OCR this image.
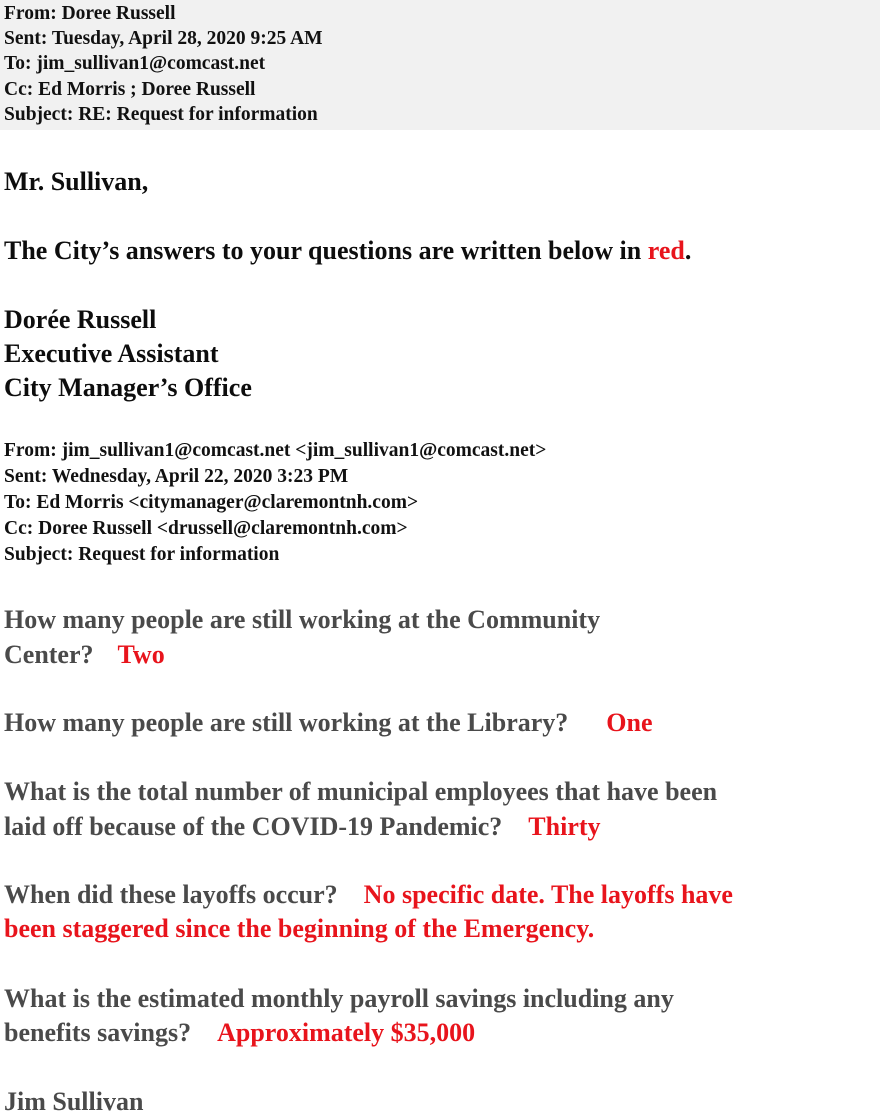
From: Doree Russell
Sent: Tuesday, April 28, 2020 9:25 AM
To: jim_sullivan1@comcast.net
Cc: Ed Morris ; Doree Russell
Subject: RE: Request for information
Mr. Sullivan,
The City’s answers to your questions are written below in red.
Dorée Russell
Executive Assistant
City Manager’s Office
From: jim_sullivan1@comcast.net <jim_sullivan1@comcast.net>
Sent: Wednesday, April 22, 2020 3:23 PM
To: Ed Morris <citymanager@claremontnh.com>
Cc: Doree Russell <drussell@claremontnh.com>
Subject: Request for information
How many people are still working at the Community
Center? Two
How many people are still working at the Library? One
What is the total number of municipal employees that have been
laid off because of the COVID-19 Pandemic? Thirty
When did these layoffs occur? No specific date. The layoffs have
been staggered since the beginning of the Emergency.
What is the estimated monthly payroll savings including any
benefits savings? Approximately $35,000
Jim Sullivan
